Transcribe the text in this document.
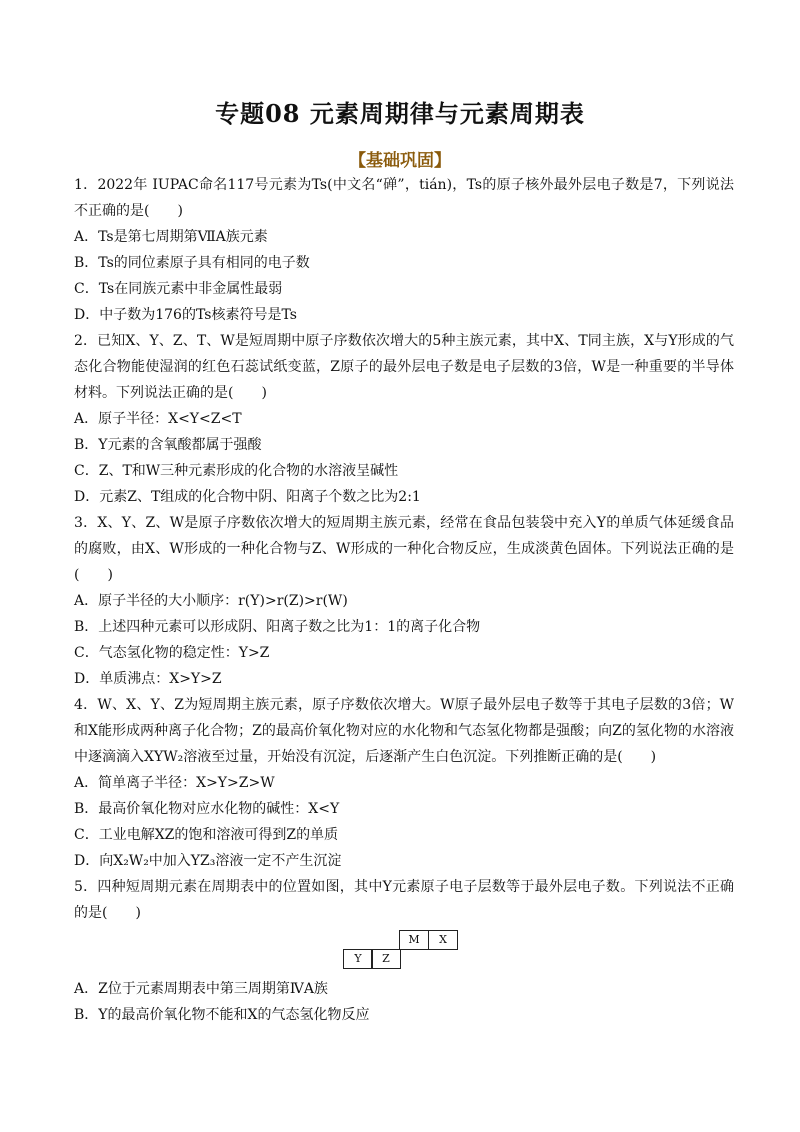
专题08 元素周期律与元素周期表
【基础巩固】
1．2022年 IUPAC命名117号元素为Ts(中文名“䃅”，tián)，Ts的原子核外最外层电子数是7，下列说法不正确的是(　　)
A．Ts是第七周期第ⅦA族元素
B．Ts的同位素原子具有相同的电子数
C．Ts在同族元素中非金属性最弱
D．中子数为176的Ts核素符号是Ts
2．已知X、Y、Z、T、W是短周期中原子序数依次增大的5种主族元素，其中X、T同主族，X与Y形成的气态化合物能使湿润的红色石蕊试纸变蓝，Z原子的最外层电子数是电子层数的3倍，W是一种重要的半导体材料。下列说法正确的是(　　)
A．原子半径：X<Y<Z<T
B．Y元素的含氧酸都属于强酸
C．Z、T和W三种元素形成的化合物的水溶液呈碱性
D．元素Z、T组成的化合物中阴、阳离子个数之比为2:1
3．X、Y、Z、W是原子序数依次增大的短周期主族元素，经常在食品包装袋中充入Y的单质气体延缓食品的腐败，由X、W形成的一种化合物与Z、W形成的一种化合物反应，生成淡黄色固体。下列说法正确的是(　　)
A．原子半径的大小顺序：r(Y)>r(Z)>r(W)
B．上述四种元素可以形成阴、阳离子数之比为1：1的离子化合物
C．气态氢化物的稳定性：Y>Z
D．单质沸点：X>Y>Z
4．W、X、Y、Z为短周期主族元素，原子序数依次增大。W原子最外层电子数等于其电子层数的3倍；W和X能形成两种离子化合物；Z的最高价氧化物对应的水化物和气态氢化物都是强酸；向Z的氢化物的水溶液中逐滴滴入XYW₂溶液至过量，开始没有沉淀，后逐渐产生白色沉淀。下列推断正确的是(　　)
A．简单离子半径：X>Y>Z>W
B．最高价氧化物对应水化物的碱性：X<Y
C．工业电解XZ的饱和溶液可得到Z的单质
D．向X₂W₂中加入YZ₃溶液一定不产生沉淀
5．四种短周期元素在周期表中的位置如图，其中Y元素原子电子层数等于最外层电子数。下列说法不正确的是(　　)
M	X
Y	Z
A．Z位于元素周期表中第三周期第ⅣA族
B．Y的最高价氧化物不能和X的气态氢化物反应
